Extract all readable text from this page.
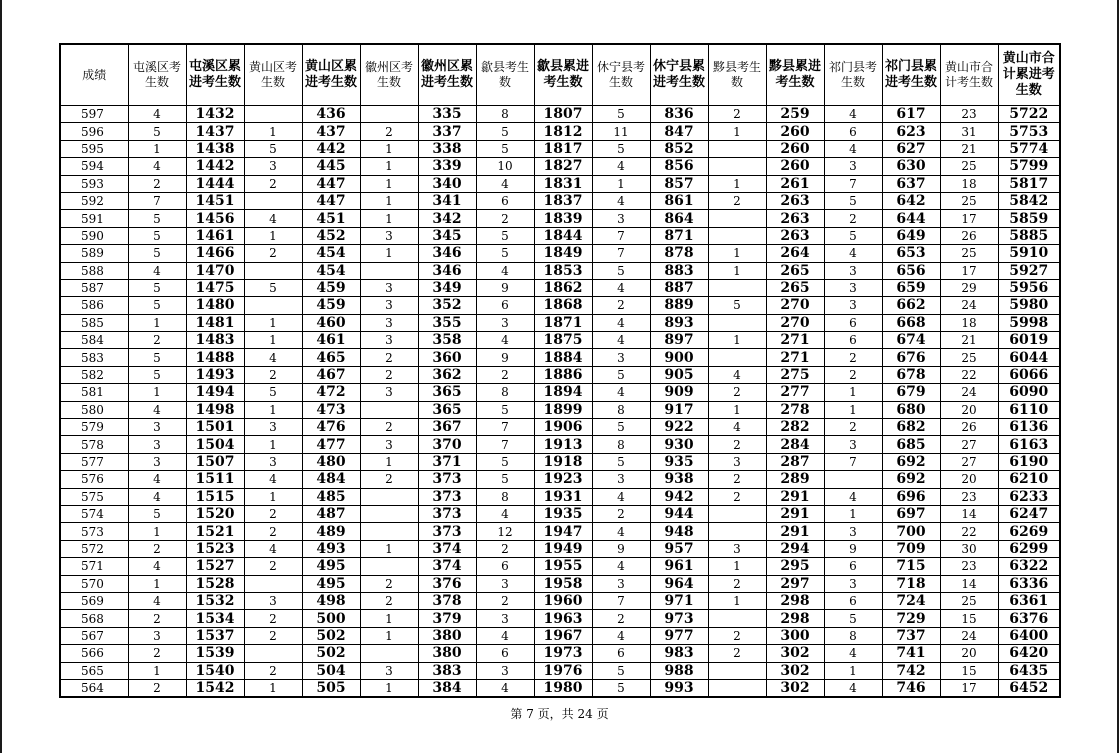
成绩	屯溪区考生数	屯溪区累进考生数	黄山区考生数	黄山区累进考生数	徽州区考生数	徽州区累进考生数	歙县考生数	歙县累进考生数	休宁县考生数	休宁县累进考生数	黟县考生数	黟县累进考生数	祁门县考生数	祁门县累进考生数	黄山市合计考生数	黄山市合计累进考生数
597	4	1432		436		335	8	1807	5	836	2	259	4	617	23	5722
596	5	1437	1	437	2	337	5	1812	11	847	1	260	6	623	31	5753
595	1	1438	5	442	1	338	5	1817	5	852		260	4	627	21	5774
594	4	1442	3	445	1	339	10	1827	4	856		260	3	630	25	5799
593	2	1444	2	447	1	340	4	1831	1	857	1	261	7	637	18	5817
592	7	1451		447	1	341	6	1837	4	861	2	263	5	642	25	5842
591	5	1456	4	451	1	342	2	1839	3	864		263	2	644	17	5859
590	5	1461	1	452	3	345	5	1844	7	871		263	5	649	26	5885
589	5	1466	2	454	1	346	5	1849	7	878	1	264	4	653	25	5910
588	4	1470		454		346	4	1853	5	883	1	265	3	656	17	5927
587	5	1475	5	459	3	349	9	1862	4	887		265	3	659	29	5956
586	5	1480		459	3	352	6	1868	2	889	5	270	3	662	24	5980
585	1	1481	1	460	3	355	3	1871	4	893		270	6	668	18	5998
584	2	1483	1	461	3	358	4	1875	4	897	1	271	6	674	21	6019
583	5	1488	4	465	2	360	9	1884	3	900		271	2	676	25	6044
582	5	1493	2	467	2	362	2	1886	5	905	4	275	2	678	22	6066
581	1	1494	5	472	3	365	8	1894	4	909	2	277	1	679	24	6090
580	4	1498	1	473		365	5	1899	8	917	1	278	1	680	20	6110
579	3	1501	3	476	2	367	7	1906	5	922	4	282	2	682	26	6136
578	3	1504	1	477	3	370	7	1913	8	930	2	284	3	685	27	6163
577	3	1507	3	480	1	371	5	1918	5	935	3	287	7	692	27	6190
576	4	1511	4	484	2	373	5	1923	3	938	2	289		692	20	6210
575	4	1515	1	485		373	8	1931	4	942	2	291	4	696	23	6233
574	5	1520	2	487		373	4	1935	2	944		291	1	697	14	6247
573	1	1521	2	489		373	12	1947	4	948		291	3	700	22	6269
572	2	1523	4	493	1	374	2	1949	9	957	3	294	9	709	30	6299
571	4	1527	2	495		374	6	1955	4	961	1	295	6	715	23	6322
570	1	1528		495	2	376	3	1958	3	964	2	297	3	718	14	6336
569	4	1532	3	498	2	378	2	1960	7	971	1	298	6	724	25	6361
568	2	1534	2	500	1	379	3	1963	2	973		298	5	729	15	6376
567	3	1537	2	502	1	380	4	1967	4	977	2	300	8	737	24	6400
566	2	1539		502		380	6	1973	6	983	2	302	4	741	20	6420
565	1	1540	2	504	3	383	3	1976	5	988		302	1	742	15	6435
564	2	1542	1	505	1	384	4	1980	5	993		302	4	746	17	6452
第 7 页，共 24 页
